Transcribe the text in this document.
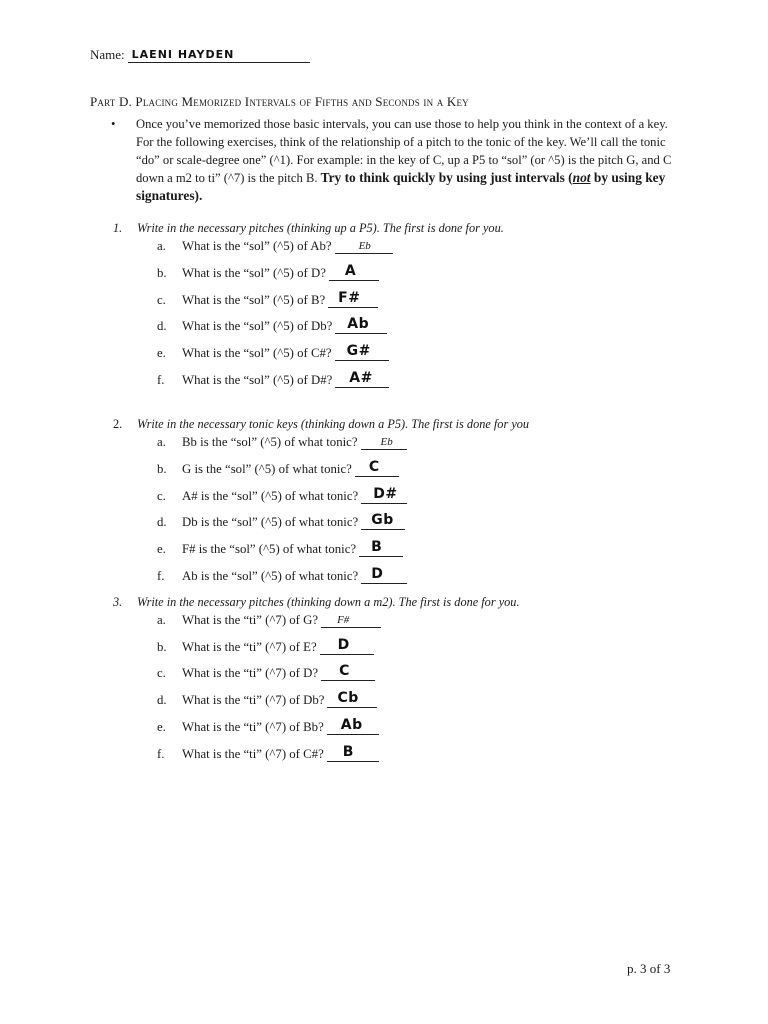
Name: LAENI HAYDEN
Part D. Placing Memorized Intervals of Fifths and Seconds in a Key
• Once you’ve memorized those basic intervals, you can use those to help you think in the context of a key. For the following exercises, think of the relationship of a pitch to the tonic of the key. We’ll call the tonic “do” or scale-degree one” (^1). For example: in the key of C, up a P5 to “sol” (or ^5) is the pitch G, and C down a m2 to ti” (^7) is the pitch B. Try to think quickly by using just intervals (not by using key signatures).
1. Write in the necessary pitches (thinking up a P5). The first is done for you.
a.	What is the “sol” (^5) of Ab? Eb
b.	What is the “sol” (^5) of D? A
c.	What is the “sol” (^5) of B? F#
d.	What is the “sol” (^5) of Db? Ab
e.	What is the “sol” (^5) of C#? G#
f.	What is the “sol” (^5) of D#? A#
2. Write in the necessary tonic keys (thinking down a P5). The first is done for you
a.	Bb is the “sol” (^5) of what tonic? Eb
b.	G is the “sol” (^5) of what tonic? C
c.	A# is the “sol” (^5) of what tonic? D#
d.	Db is the “sol” (^5) of what tonic? Gb
e.	F# is the “sol” (^5) of what tonic? B
f.	Ab is the “sol” (^5) of what tonic? D
3. Write in the necessary pitches (thinking down a m2). The first is done for you.
a.	What is the “ti” (^7) of G? F#
b.	What is the “ti” (^7) of E? D
c.	What is the “ti” (^7) of D? C
d.	What is the “ti” (^7) of Db? Cb
e.	What is the “ti” (^7) of Bb? Ab
f.	What is the “ti” (^7) of C#? B
p. 3 of 3
